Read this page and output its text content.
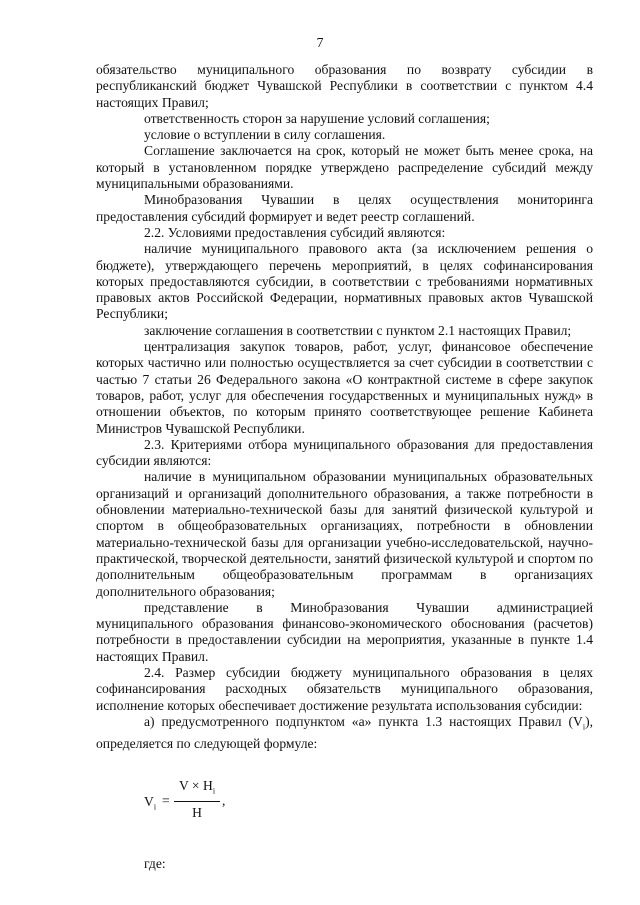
7

обязательство муниципального образования по возврату субсидии в республиканский бюджет Чувашской Республики в соответствии с пунктом 4.4 настоящих Правил;

ответственность сторон за нарушение условий соглашения;

условие о вступлении в силу соглашения.

Соглашение заключается на срок, который не может быть менее срока, на который в установленном порядке утверждено распределение субсидий между муниципальными образованиями.

Минобразования Чувашии в целях осуществления мониторинга предоставления субсидий формирует и ведет реестр соглашений.

2.2. Условиями предоставления субсидий являются:

наличие муниципального правового акта (за исключением решения о бюджете), утверждающего перечень мероприятий, в целях софинансирования которых предоставляются субсидии, в соответствии с требованиями нормативных правовых актов Российской Федерации, нормативных правовых актов Чувашской Республики;

заключение соглашения в соответствии с пунктом 2.1 настоящих Правил;

централизация закупок товаров, работ, услуг, финансовое обеспечение которых частично или полностью осуществляется за счет субсидии в соответствии с частью 7 статьи 26 Федерального закона «О контрактной системе в сфере закупок товаров, работ, услуг для обеспечения государственных и муниципальных нужд» в отношении объектов, по которым принято соответствующее решение Кабинета Министров Чувашской Республики.

2.3. Критериями отбора муниципального образования для предоставления субсидии являются:

наличие в муниципальном образовании муниципальных образовательных организаций и организаций дополнительного образования, а также потребности в обновлении материально-технической базы для занятий физической культурой и спортом в общеобразовательных организациях, потребности в обновлении материально-технической базы для организации учебно-исследовательской, научно-практической, творческой деятельности, занятий физической культурой и спортом по дополнительным общеобразовательным программам в организациях дополнительного образования;

представление в Минобразования Чувашии администрацией муниципального образования финансово-экономического обоснования (расчетов) потребности в предоставлении субсидии на мероприятия, указанные в пункте 1.4 настоящих Правил.

2.4. Размер субсидии бюджету муниципального образования в целях софинансирования расходных обязательств муниципального образования, исполнение которых обеспечивает достижение результата использования субсидии:

а) предусмотренного подпунктом «а» пункта 1.3 настоящих Правил $(V_i)$, определяется по следующей формуле:

$V_i = \frac{V \times H_i}{H}$ ,

где:
